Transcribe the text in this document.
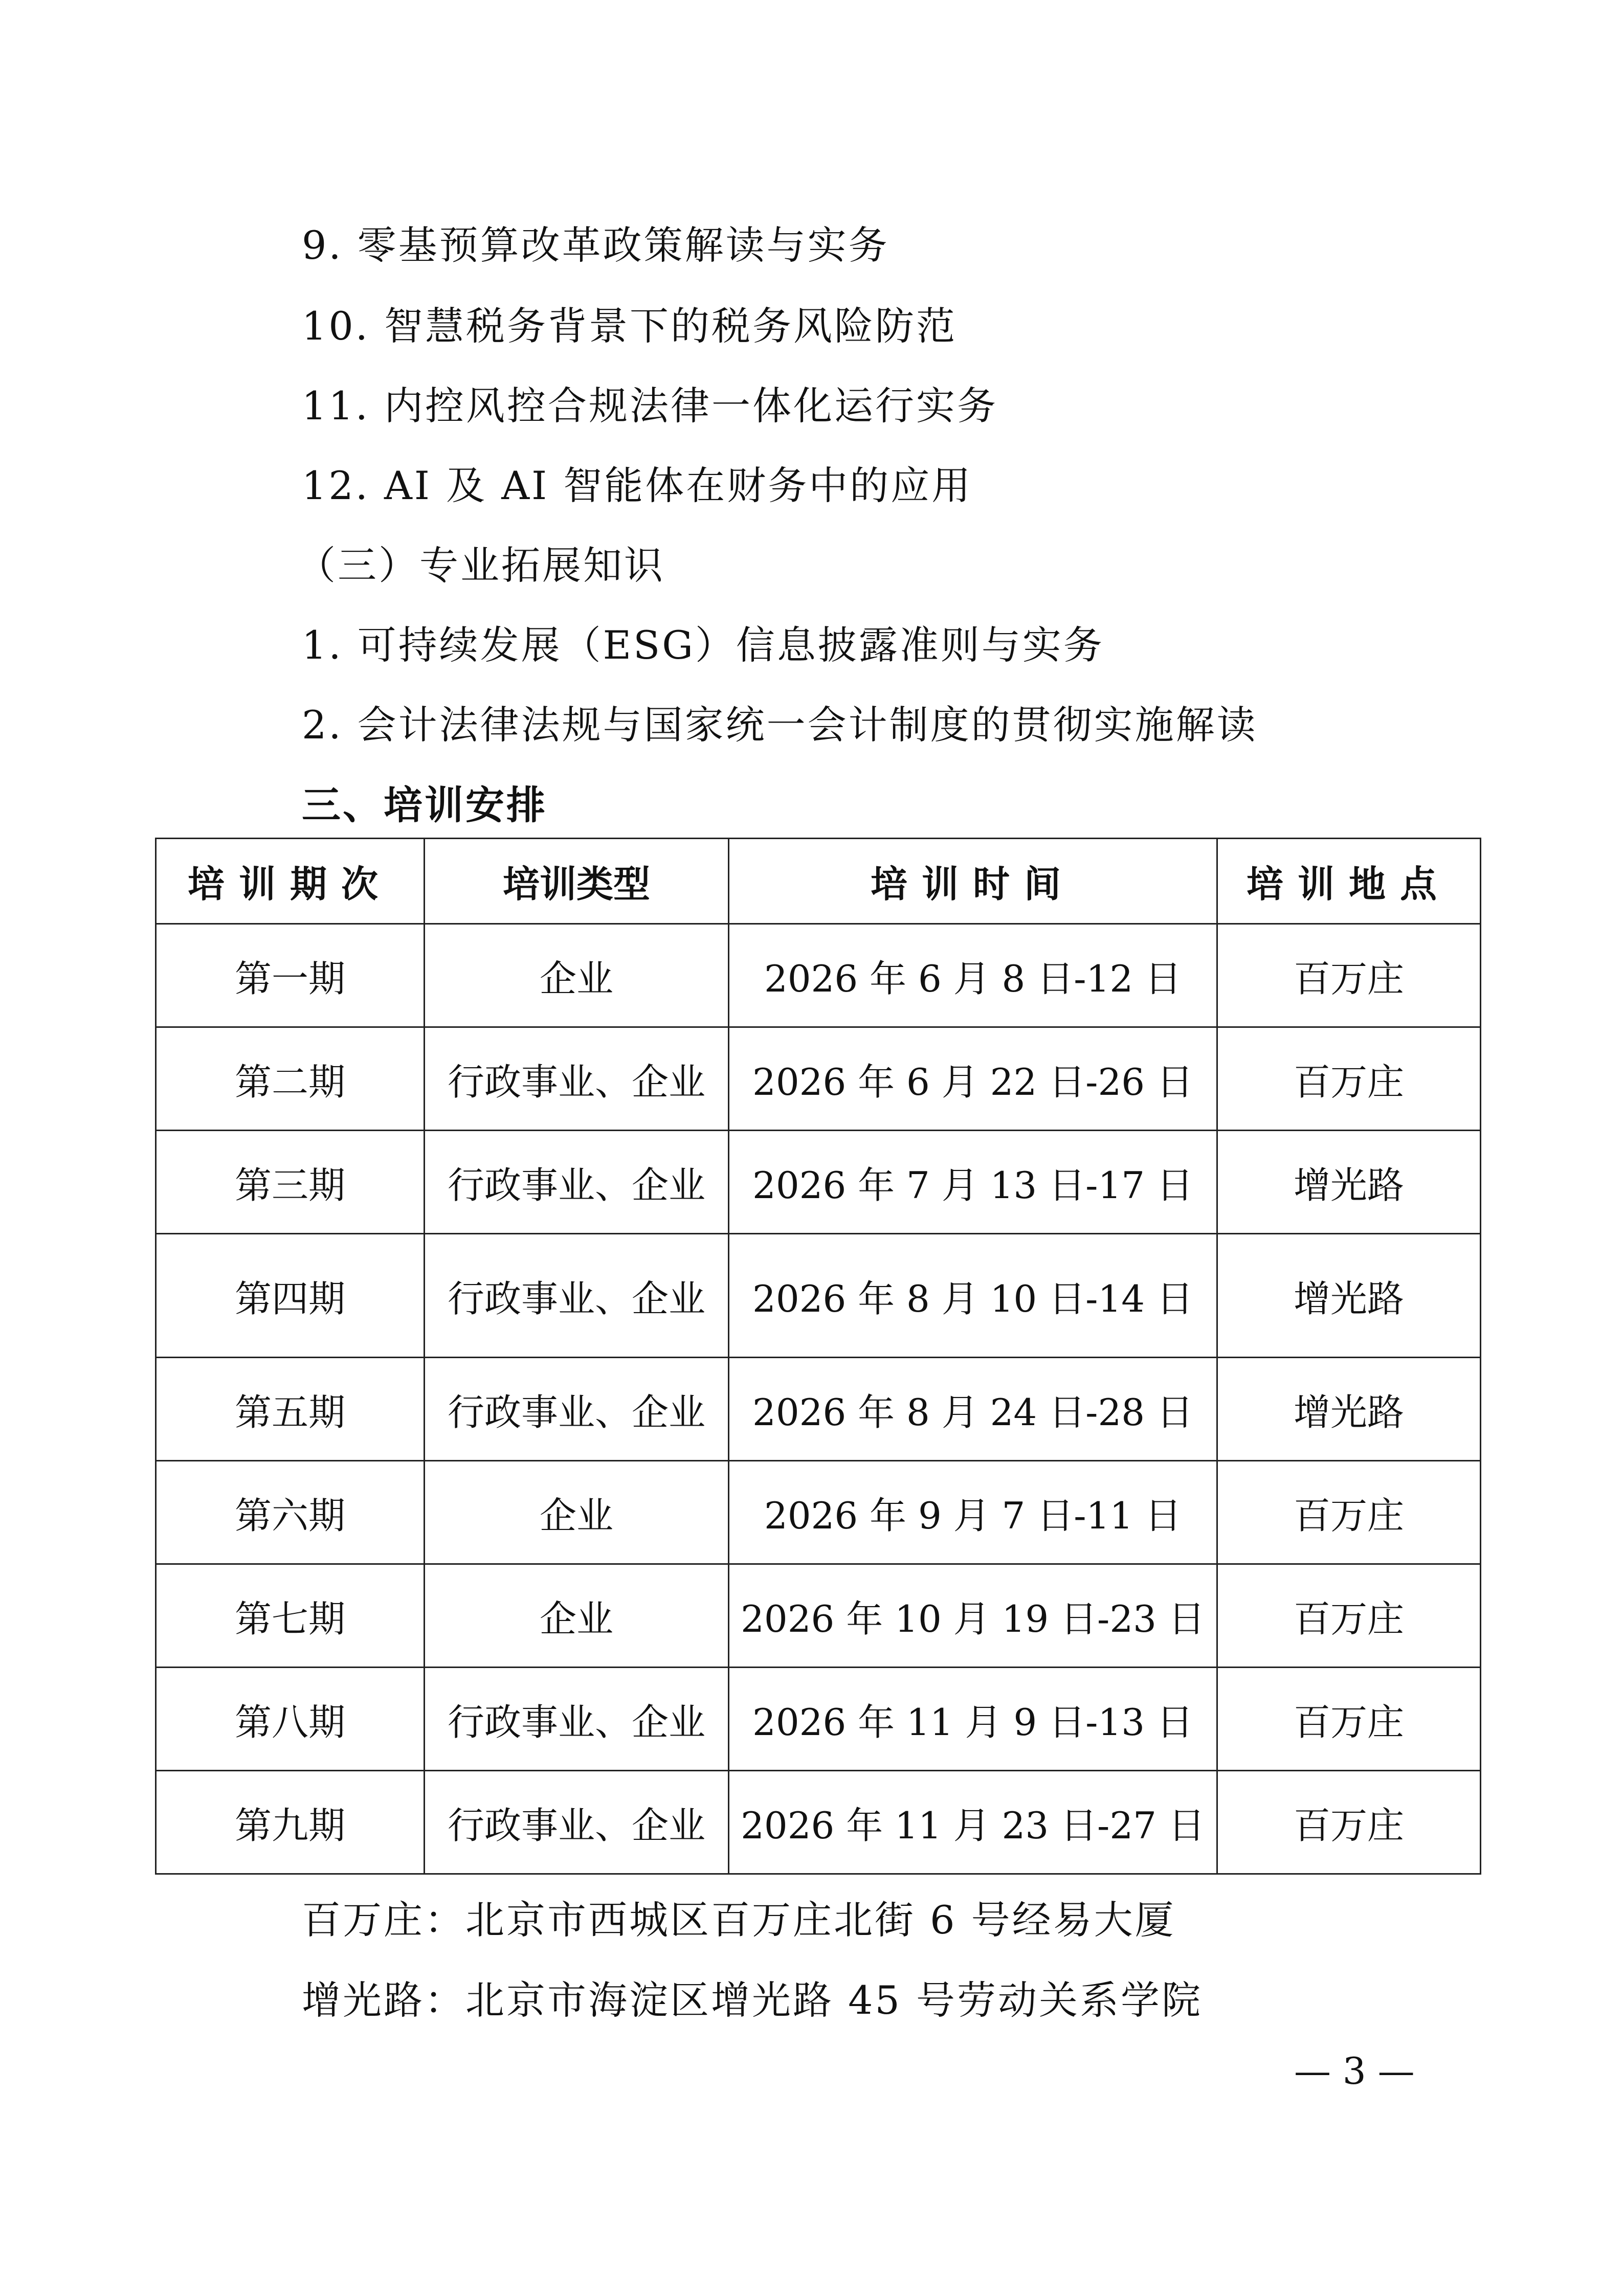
9. 零基预算改革政策解读与实务
10. 智慧税务背景下的税务风险防范
11. 内控风控合规法律一体化运行实务
12. AI 及 AI 智能体在财务中的应用
（三）专业拓展知识
1. 可持续发展（ESG）信息披露准则与实务
2. 会计法律法规与国家统一会计制度的贯彻实施解读
三、培训安排
培训期次	培训类型	培训时间	培训地点
第一期	企业	2026 年 6 月 8 日-12 日	百万庄
第二期	行政事业、企业	2026 年 6 月 22 日-26 日	百万庄
第三期	行政事业、企业	2026 年 7 月 13 日-17 日	增光路
第四期	行政事业、企业	2026 年 8 月 10 日-14 日	增光路
第五期	行政事业、企业	2026 年 8 月 24 日-28 日	增光路
第六期	企业	2026 年 9 月 7 日-11 日	百万庄
第七期	企业	2026 年 10 月 19 日-23 日	百万庄
第八期	行政事业、企业	2026 年 11 月 9 日-13 日	百万庄
第九期	行政事业、企业	2026 年 11 月 23 日-27 日	百万庄
百万庄：北京市西城区百万庄北街 6 号经易大厦
增光路：北京市海淀区增光路 45 号劳动关系学院
— 3 —
